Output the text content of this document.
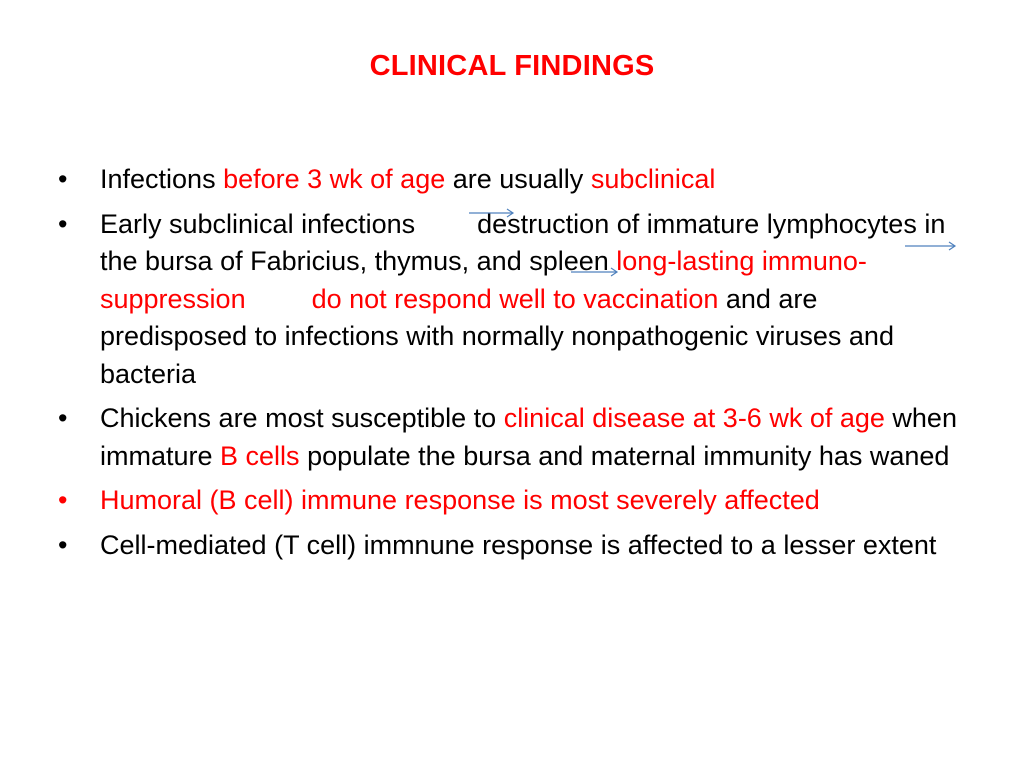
CLINICAL FINDINGS
•	Infections before 3 wk of age are usually subclinical
•	Early subclinical infections destruction of immature lymphocytes in the bursa of Fabricius, thymus, and spleen long-lasting immuno-suppression do not respond well to vaccination and are predisposed to infections with normally nonpathogenic viruses and bacteria
•	Chickens are most susceptible to clinical disease at 3-6 wk of age when immature B cells populate the bursa and maternal immunity has waned
•	Humoral (B cell) immune response is most severely affected
•	Cell-mediated (T cell) immnune response is affected to a lesser extent
